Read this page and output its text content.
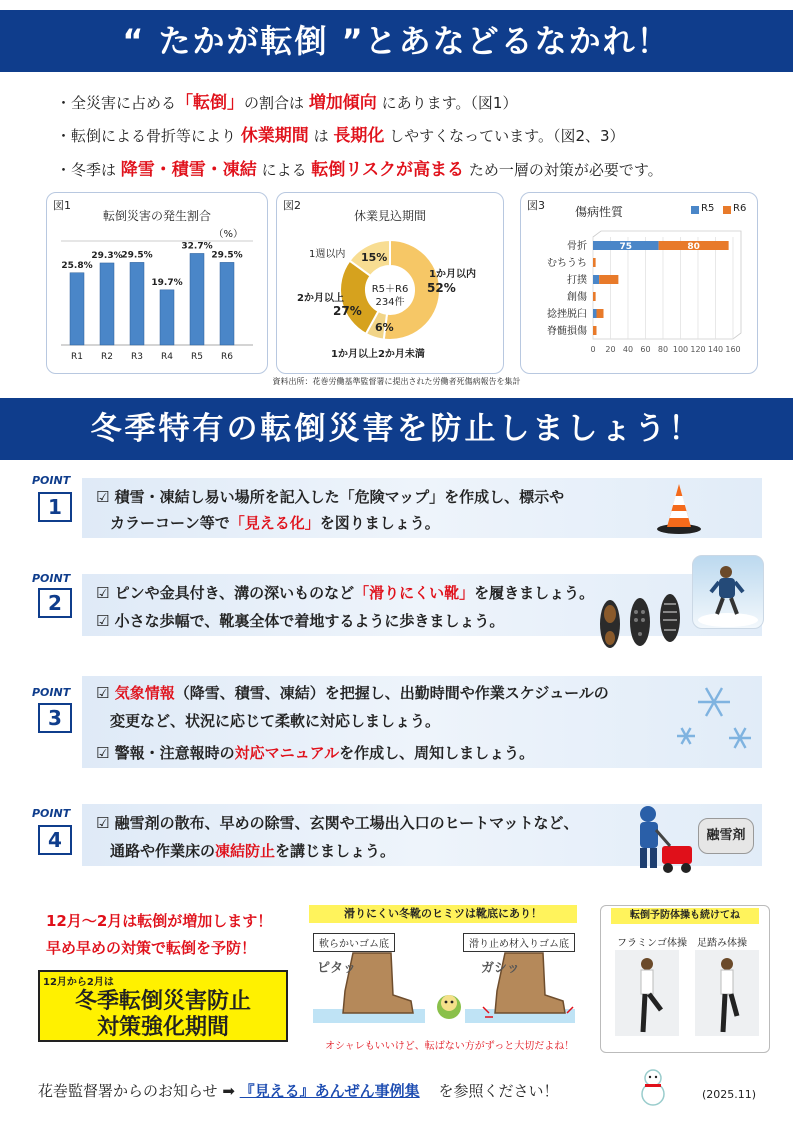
“ たかが転倒 ”とあなどるなかれ！
・全災害に占める「転倒」の割合は 増加傾向 にあります。（図1）
・転倒による骨折等により 休業期間 は 長期化 しやすくなっています。（図2、3）
・冬季は 降雪・積雪・凍結 による 転倒リスクが高まる ため一層の対策が必要です。
図1
転倒災害の発生割合
（%）
25.8%
R1
29.3%
R2
29.5%
R3
19.7%
R4
32.7%
R5
29.5%
R6
図2
休業見込期間
R5＋R6
234件
1週以内 15%
1か月以内
52%
2か月以上
27%
6%
1か月以上2か月未満
図3	傷病性質	R5 R6
0 20 40 60 80 100 120 140 160
骨折	75	80
むちうち
打撲
創傷
捻挫脱臼
脊髄損傷
資料出所：花巻労働基準監督署に提出された労働者死傷病報告を集計
冬季特有の転倒災害を防止しましょう！
POINT
1	☑ 積雪・凍結し易い場所を記入した「危険マップ」を作成し、標示や
カラーコーン等で「見える化」を図りましょう。
POINT
2	☑ ピンや金具付き、溝の深いものなど「滑りにくい靴」を履きましょう。
☑ 小さな歩幅で、靴裏全体で着地するように歩きましょう。
POINT
3
☑ 気象情報（降雪、積雪、凍結）を把握し、出勤時間や作業スケジュールの
変更など、状況に応じて柔軟に対応しましょう。
☑ 警報・注意報時の対応マニュアルを作成し、周知しましょう。
POINT
4
☑ 融雪剤の散布、早めの除雪、玄関や工場出入口のヒートマットなど、
通路や作業床の凍結防止を講じましょう。
融雪剤
12月～2月は転倒が増加します！
早め早めの対策で転倒を予防！
12月から2月は
冬季転倒災害防止
対策強化期間
滑りにくい冬靴のヒミツは靴底にあり！
軟らかいゴム底	滑り止め材入りゴム底
ピタッ	ガシッ
オシャレもいいけど、転ばない方がずっと大切だよね！
転倒予防体操も続けてね
フラミンゴ体操 足踏み体操
花巻監督署からのお知らせ ➡ 『見える』あんぜん事例集 を参照ください！	(2025.11)
